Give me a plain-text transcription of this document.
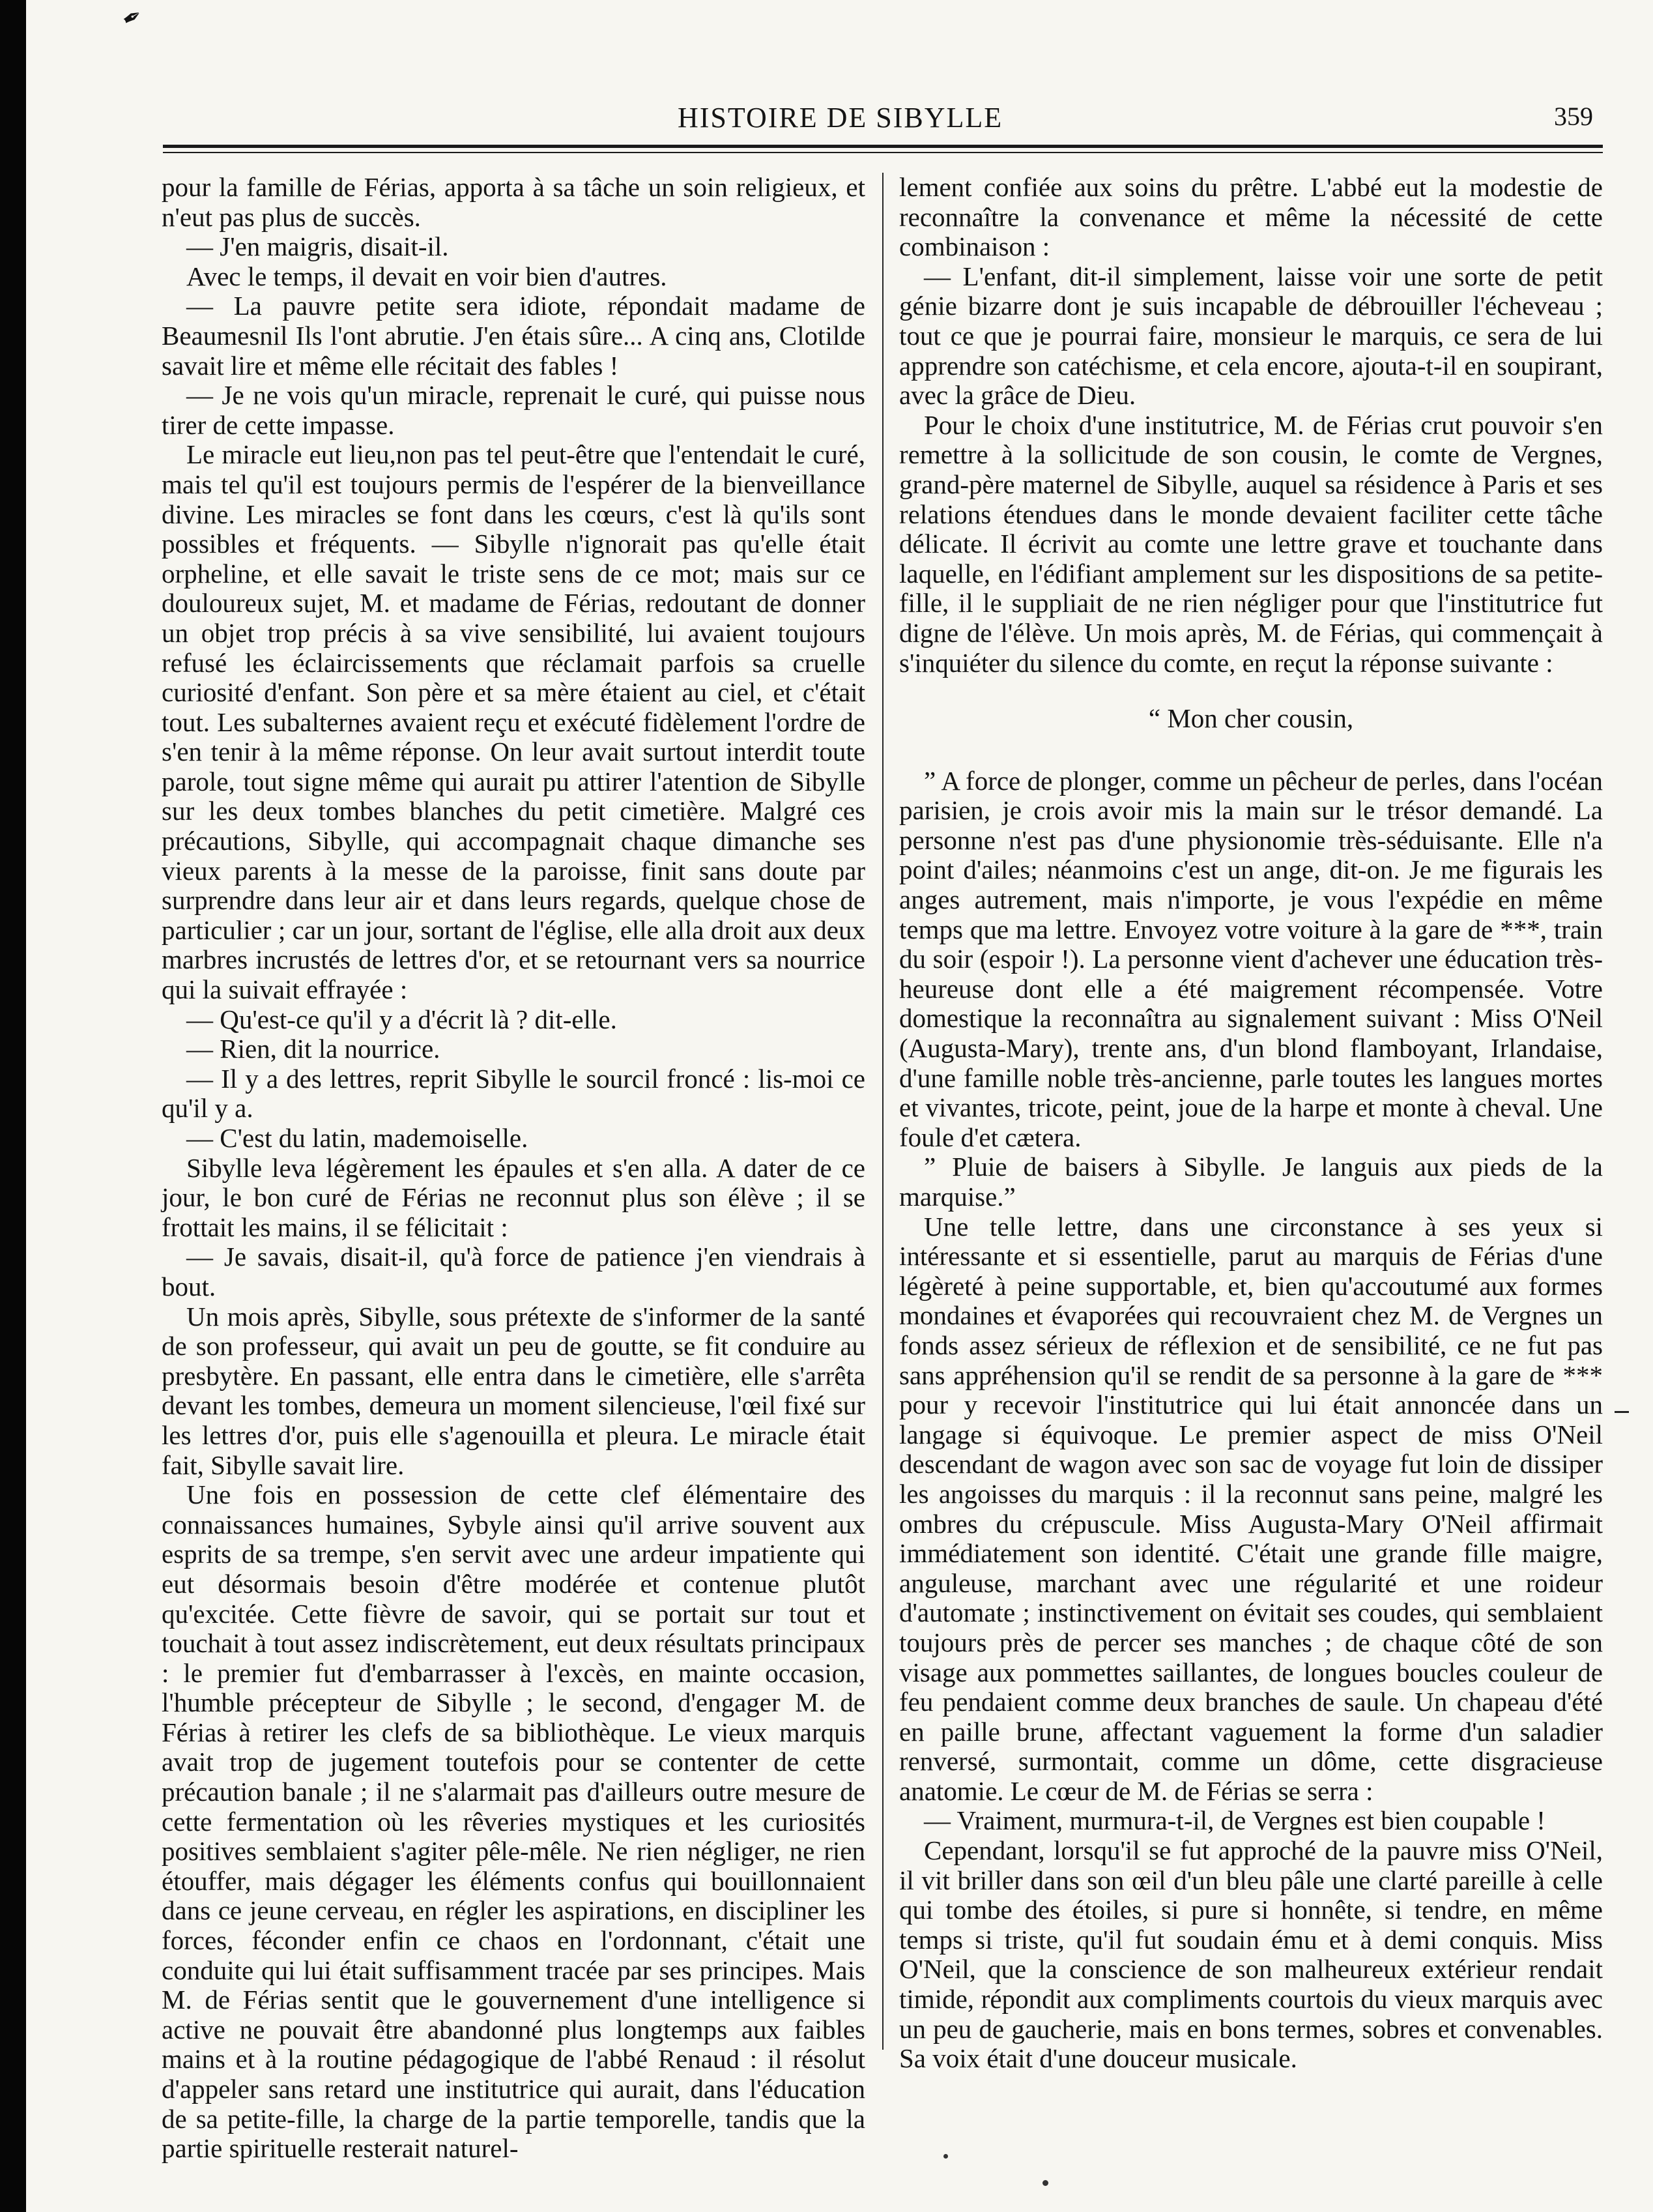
✒
HISTOIRE DE SIBYLLE	359

pour la famille de Férias, apporta à sa tâche un soin religieux, et n'eut pas plus de succès.

— J'en maigris, disait-il.

Avec le temps, il devait en voir bien d'autres.

— La pauvre petite sera idiote, répondait madame de Beaumesnil Ils l'ont abrutie. J'en étais sûre... A cinq ans, Clotilde savait lire et même elle récitait des fables !

— Je ne vois qu'un miracle, reprenait le curé, qui puisse nous tirer de cette impasse.

Le miracle eut lieu,non pas tel peut-être que l'entendait le curé, mais tel qu'il est toujours permis de l'espérer de la bienveillance divine. Les miracles se font dans les cœurs, c'est là qu'ils sont possibles et fréquents. — Sibylle n'ignorait pas qu'elle était orpheline, et elle savait le triste sens de ce mot; mais sur ce douloureux sujet, M. et madame de Férias, redoutant de donner un objet trop précis à sa vive sensibilité, lui avaient toujours refusé les éclaircissements que réclamait parfois sa cruelle curiosité d'enfant. Son père et sa mère étaient au ciel, et c'était tout. Les subalternes avaient reçu et exécuté fidèlement l'ordre de s'en tenir à la même réponse. On leur avait surtout interdit toute parole, tout signe même qui aurait pu attirer l'atention de Sibylle sur les deux tombes blanches du petit cimetière. Malgré ces précautions, Sibylle, qui accompagnait chaque dimanche ses vieux parents à la messe de la paroisse, finit sans doute par surprendre dans leur air et dans leurs regards, quelque chose de particulier ; car un jour, sortant de l'église, elle alla droit aux deux marbres incrustés de lettres d'or, et se retournant vers sa nourrice qui la suivait effrayée :

— Qu'est-ce qu'il y a d'écrit là ? dit-elle.

— Rien, dit la nourrice.

— Il y a des lettres, reprit Sibylle le sourcil froncé : lis-moi ce qu'il y a.

— C'est du latin, mademoiselle.

Sibylle leva légèrement les épaules et s'en alla. A dater de ce jour, le bon curé de Férias ne reconnut plus son élève ; il se frottait les mains, il se félicitait :

— Je savais, disait-il, qu'à force de patience j'en viendrais à bout.

Un mois après, Sibylle, sous prétexte de s'informer de la santé de son professeur, qui avait un peu de goutte, se fit conduire au presbytère. En passant, elle entra dans le cimetière, elle s'arrêta devant les tombes, demeura un moment silencieuse, l'œil fixé sur les lettres d'or, puis elle s'agenouilla et pleura. Le miracle était fait, Sibylle savait lire.

Une fois en possession de cette clef élémentaire des connaissances humaines, Sybyle ainsi qu'il arrive souvent aux esprits de sa trempe, s'en servit avec une ardeur impatiente qui eut désormais besoin d'être modérée et contenue plutôt qu'excitée. Cette fièvre de savoir, qui se portait sur tout et touchait à tout assez indiscrètement, eut deux résultats principaux : le premier fut d'embarrasser à l'excès, en mainte occasion, l'humble précepteur de Sibylle ; le second, d'engager M. de Férias à retirer les clefs de sa bibliothèque. Le vieux marquis avait trop de jugement toutefois pour se contenter de cette précaution banale ; il ne s'alarmait pas d'ailleurs outre mesure de cette fermentation où les rêveries mystiques et les curiosités positives semblaient s'agiter pêle-mêle. Ne rien négliger, ne rien étouffer, mais dégager les éléments confus qui bouillonnaient dans ce jeune cerveau, en régler les aspirations, en discipliner les forces, féconder enfin ce chaos en l'ordonnant, c'était une conduite qui lui était suffisamment tracée par ses principes. Mais M. de Férias sentit que le gouvernement d'une intelligence si active ne pouvait être abandonné plus longtemps aux faibles mains et à la routine pédagogique de l'abbé Renaud : il résolut d'appeler sans retard une institutrice qui aurait, dans l'éducation de sa petite-fille, la charge de la partie temporelle, tandis que la partie spirituelle resterait naturel-

lement confiée aux soins du prêtre. L'abbé eut la modestie de reconnaître la convenance et même la nécessité de cette combinaison :

— L'enfant, dit-il simplement, laisse voir une sorte de petit génie bizarre dont je suis incapable de débrouiller l'écheveau ; tout ce que je pourrai faire, monsieur le marquis, ce sera de lui apprendre son catéchisme, et cela encore, ajouta-t-il en soupirant, avec la grâce de Dieu.

Pour le choix d'une institutrice, M. de Férias crut pouvoir s'en remettre à la sollicitude de son cousin, le comte de Vergnes, grand-père maternel de Sibylle, auquel sa résidence à Paris et ses relations étendues dans le monde devaient faciliter cette tâche délicate. Il écrivit au comte une lettre grave et touchante dans laquelle, en l'édifiant amplement sur les dispositions de sa petite-fille, il le suppliait de ne rien négliger pour que l'institutrice fut digne de l'élève. Un mois après, M. de Férias, qui commençait à s'inquiéter du silence du comte, en reçut la réponse suivante :

“ Mon cher cousin,

” A force de plonger, comme un pêcheur de perles, dans l'océan parisien, je crois avoir mis la main sur le trésor demandé. La personne n'est pas d'une physionomie très-séduisante. Elle n'a point d'ailes; néanmoins c'est un ange, dit-on. Je me figurais les anges autrement, mais n'importe, je vous l'expédie en même temps que ma lettre. Envoyez votre voiture à la gare de ***, train du soir (espoir !). La personne vient d'achever une éducation très-heureuse dont elle a été maigrement récompensée. Votre domestique la reconnaîtra au signalement suivant : Miss O'Neil (Augusta-Mary), trente ans, d'un blond flamboyant, Irlandaise, d'une famille noble très-ancienne, parle toutes les langues mortes et vivantes, tricote, peint, joue de la harpe et monte à cheval. Une foule d'et cætera.

” Pluie de baisers à Sibylle. Je languis aux pieds de la marquise.”

Une telle lettre, dans une circonstance à ses yeux si intéressante et si essentielle, parut au marquis de Férias d'une légèreté à peine supportable, et, bien qu'accoutumé aux formes mondaines et évaporées qui recouvraient chez M. de Vergnes un fonds assez sérieux de réflexion et de sensibilité, ce ne fut pas sans appréhension qu'il se rendit de sa personne à la gare de *** pour y recevoir l'institutrice qui lui était annoncée dans un langage si équivoque. Le premier aspect de miss O'Neil descendant de wagon avec son sac de voyage fut loin de dissiper les angoisses du marquis : il la reconnut sans peine, malgré les ombres du crépuscule. Miss Augusta-Mary O'Neil affirmait immédiatement son identité. C'était une grande fille maigre, anguleuse, marchant avec une régularité et une roideur d'automate ; instinctivement on évitait ses coudes, qui semblaient toujours près de percer ses manches ; de chaque côté de son visage aux pommettes saillantes, de longues boucles couleur de feu pendaient comme deux branches de saule. Un chapeau d'été en paille brune, affectant vaguement la forme d'un saladier renversé, surmontait, comme un dôme, cette disgracieuse anatomie. Le cœur de M. de Férias se serra :

— Vraiment, murmura-t-il, de Vergnes est bien coupable !

Cependant, lorsqu'il se fut approché de la pauvre miss O'Neil, il vit briller dans son œil d'un bleu pâle une clarté pareille à celle qui tombe des étoiles, si pure si honnête, si tendre, en même temps si triste, qu'il fut soudain ému et à demi conquis. Miss O'Neil, que la conscience de son malheureux extérieur rendait timide, répondit aux compliments courtois du vieux marquis avec un peu de gaucherie, mais en bons termes, sobres et convenables. Sa voix était d'une douceur musicale.
